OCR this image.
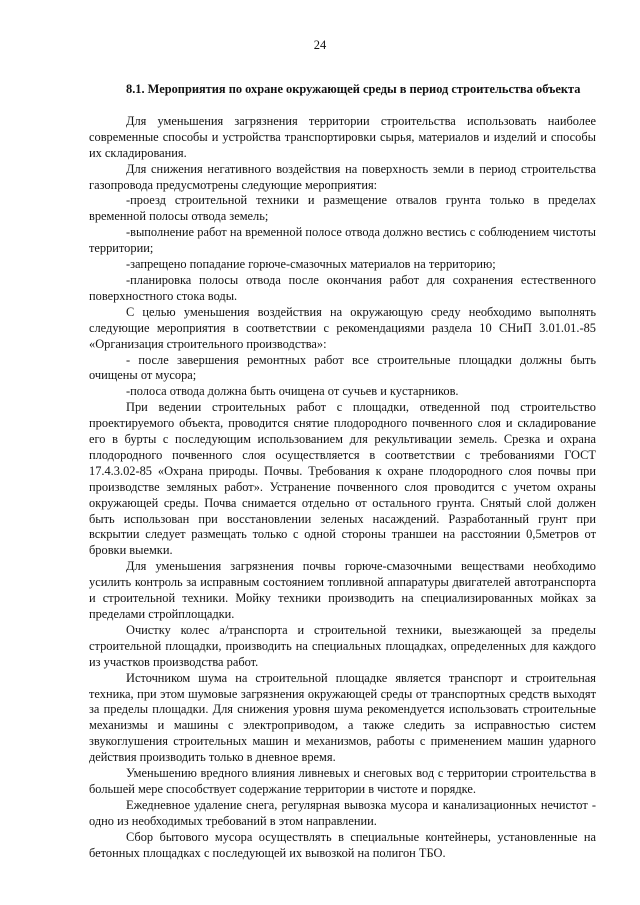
24

8.1. Мероприятия по охране окружающей среды в период строительства объекта

Для уменьшения загрязнения территории строительства использовать наиболее современные способы и устройства транспортировки сырья, материалов и изделий и способы их складирования.

Для снижения негативного воздействия на поверхность земли в период строительства газопровода предусмотрены следующие мероприятия:

-проезд строительной техники и размещение отвалов грунта только в пределах временной полосы отвода земель;

-выполнение работ на временной полосе отвода должно вестись с соблюдением чистоты территории;

-запрещено попадание горюче-смазочных материалов на территорию;

-планировка полосы отвода после окончания работ для сохранения естественного поверхностного стока воды.

С целью уменьшения воздействия на окружающую среду необходимо выполнять следующие мероприятия в соответствии с рекомендациями раздела 10 СНиП 3.01.01.-85 «Организация строительного производства»:

- после завершения ремонтных работ все строительные площадки должны быть очищены от мусора;

-полоса отвода должна быть очищена от сучьев и кустарников.

При ведении строительных работ с площадки, отведенной под строительство проектируемого объекта, проводится снятие плодородного почвенного слоя и складирование его в бурты с последующим использованием для рекультивации земель. Срезка и охрана плодородного почвенного слоя осуществляется в соответствии с требованиями ГОСТ 17.4.3.02-85 «Охрана природы. Почвы. Требования к охране плодородного слоя почвы при производстве земляных работ». Устранение почвенного слоя проводится с учетом охраны окружающей среды. Почва снимается отдельно от остального грунта. Снятый слой должен быть использован при восстановлении зеленых насаждений. Разработанный грунт при вскрытии следует размещать только с одной стороны траншеи на расстоянии 0,5метров от бровки выемки.

Для уменьшения загрязнения почвы горюче-смазочными веществами необходимо усилить контроль за исправным состоянием топливной аппаратуры двигателей автотранспорта и строительной техники. Мойку техники производить на специализированных мойках за пределами стройплощадки.

Очистку колес а/транспорта и строительной техники, выезжающей за пределы строительной площадки, производить на специальных площадках, определенных для каждого из участков производства работ.

Источником шума на строительной площадке является транспорт и строительная техника, при этом шумовые загрязнения окружающей среды от транспортных средств выходят за пределы площадки. Для снижения уровня шума рекомендуется использовать строительные механизмы и машины с электроприводом, а также следить за исправностью систем звукоглушения строительных машин и механизмов, работы с применением машин ударного действия производить только в дневное время.

Уменьшению вредного влияния ливневых и снеговых вод с территории строительства в большей мере способствует содержание территории в чистоте и порядке.

Ежедневное удаление снега, регулярная вывозка мусора и канализационных нечистот - одно из необходимых требований в этом направлении.

Сбор бытового мусора осуществлять в специальные контейнеры, установленные на бетонных площадках с последующей их вывозкой на полигон ТБО.
